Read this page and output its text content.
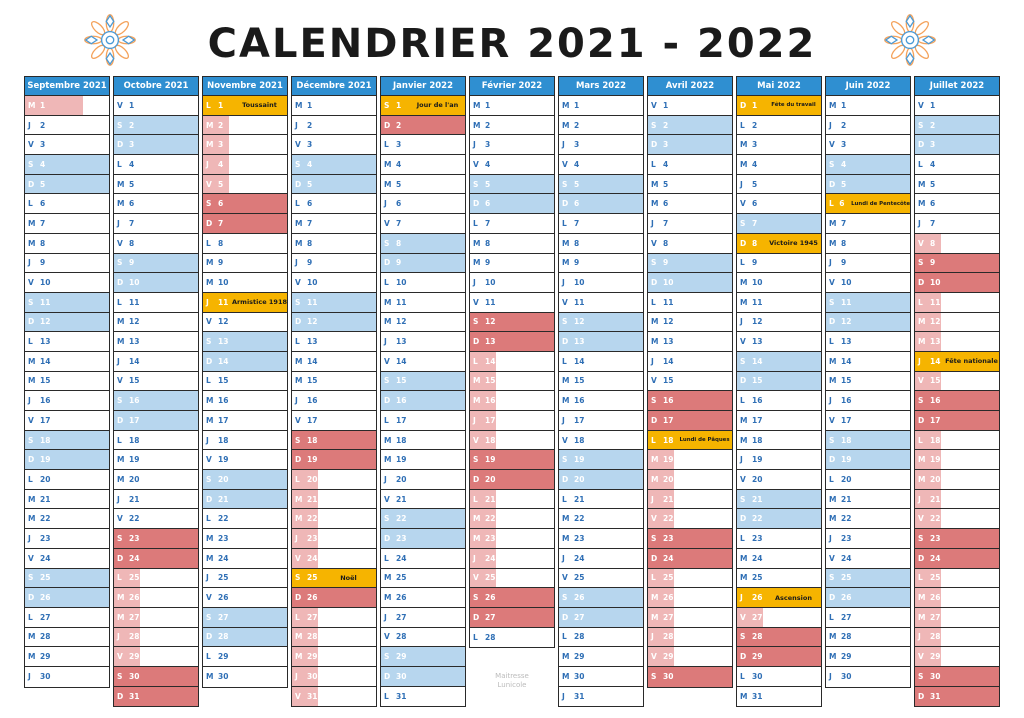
CALENDRIER 2021 - 2022
Septembre 2021
M 1
J	2
V 3
S 4
D 5
L 6
M 7
M 8
J	9
V 10
S 11
D 12
L 13
M 14
M 15
J	16
V 17
S 18
D 19
L 20
M 21
M 22
J	23
V 24
S 25
D 26
L 27
M 28
M 29
J	30
Octobre 2021
V 1
S 2
D 3
L 4
M 5
M 6
J	7
V 8
S 9
D 10
L 11
M 12
M 13
J	14
V 15
S 16
D 17
L 18
M 19
M 20
J	21
V 22
S 23
D 24
L 25
M 26
M 27
J	28
V 29
S 30
D 31
Novembre 2021
L 1	Toussaint
M 2
M 3
J	4
V 5
S 6
D 7
L 8
M 9
M 10
J	11 Armistice 1918
V 12
S 13
D 14
L 15
M 16
M 17
J	18
V 19
S 20
D 21
L 22
M 23
M 24
J	25
V 26
S 27
D 28
L 29
M 30
Décembre 2021
M 1
J	2
V 3
S 4
D 5
L 6
M 7
M 8
J	9
V 10
S 11
D 12
L 13
M 14
M 15
J	16
V 17
S 18
D 19
L 20
M 21
M 22
J	23
V 24
S 25	Noël
D 26
L 27
M 28
M 29
J	30
V 31
Janvier 2022
S 1	Jour de l'an
D 2
L 3
M 4
M 5
J	6
V 7
S 8
D 9
L 10
M 11
M 12
J	13
V 14
S 15
D 16
L 17
M 18
M 19
J	20
V 21
S 22
D 23
L 24
M 25
M 26
J	27
V 28
S 29
D 30
L 31
Février 2022
M 1
M 2
J	3
V 4
S 5
D 6
L 7
M 8
M 9
J	10
V 11
S 12
D 13
L 14
M 15
M 16
J	17
V 18
S 19
D 20
L 21
M 22
M 23
J	24
V 25
S 26
D 27
L 28
Mars 2022
M 1
M 2
J	3
V 4
S 5
D 6
L 7
M 8
M 9
J	10
V 11
S 12
D 13
L 14
M 15
M 16
J	17
V 18
S 19
D 20
L 21
M 22
M 23
J	24
V 25
S 26
D 27
L 28
M 29
M 30
J	31
Avril 2022
V 1
S 2
D 3
L 4
M 5
M 6
J	7
V 8
S 9
D 10
L 11
M 12
M 13
J	14
V 15
S 16
D 17
L 18	Lundi de Pâques
M 19
M 20
J	21
V 22
S 23
D 24
L 25
M 26
M 27
J	28
V 29
S 30
Mai 2022
D 1	Fête du travail
L 2
M 3
M 4
J	5
V 6
S 7
D 8	Victoire 1945
L 9
M 10
M 11
J	12
V 13
S 14
D 15
L 16
M 17
M 18
J	19
V 20
S 21
D 22
L 23
M 24
M 25
J	26	Ascension
V 27
S 28
D 29
L 30
M 31
Juin 2022
M 1
J	2
V 3
S 4
D 5
L 6	Lundi de Pentecôte
M 7
M 8
J	9
V 10
S 11
D 12
L 13
M 14
M 15
J	16
V 17
S 18
D 19
L 20
M 21
M 22
J	23
V 24
S 25
D 26
L 27
M 28
M 29
J	30
Juillet 2022
V 1
S 2
D 3
L 4
M 5
M 6
J	7
V 8
S 9
D 10
L 11
M 12
M 13
J	14 Fête nationale
V 15
S 16
D 17
L 18
M 19
M 20
J	21
V 22
S 23
D 24
L 25
M 26
M 27
J	28
V 29
S 30
D 31
Maitresse Lunicole
